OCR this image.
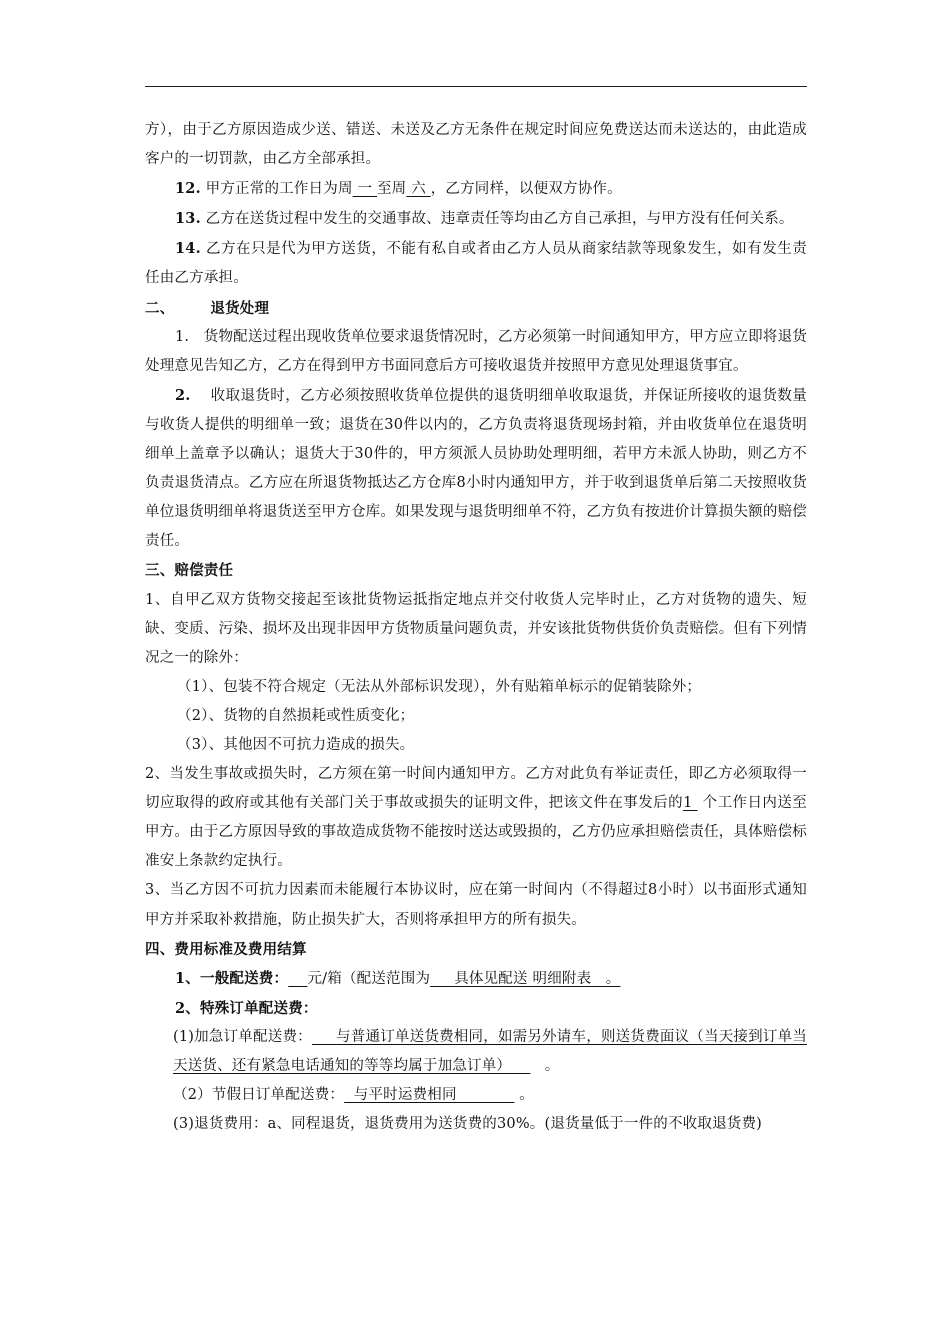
方），由于乙方原因造成少送、错送、未送及乙方无条件在规定时间应免费送达而未送达的，由此造成客户的一切罚款，由乙方全部承担。

12. 甲方正常的工作日为周 一 至周 六 ，乙方同样，以便双方协作。

13. 乙方在送货过程中发生的交通事故、违章责任等均由乙方自己承担，与甲方没有任何关系。

14. 乙方在只是代为甲方送货，不能有私自或者由乙方人员从商家结款等现象发生，如有发生责任由乙方承担。

二、 退货处理

1. 货物配送过程出现收货单位要求退货情况时，乙方必须第一时间通知甲方，甲方应立即将退货处理意见告知乙方，乙方在得到甲方书面同意后方可接收退货并按照甲方意见处理退货事宜。

2. 收取退货时，乙方必须按照收货单位提供的退货明细单收取退货，并保证所接收的退货数量与收货人提供的明细单一致；退货在30件以内的，乙方负责将退货现场封箱，并由收货单位在退货明细单上盖章予以确认；退货大于30件的，甲方须派人员协助处理明细，若甲方未派人协助，则乙方不负责退货清点。乙方应在所退货物抵达乙方仓库8小时内通知甲方，并于收到退货单后第二天按照收货单位退货明细单将退货送至甲方仓库。如果发现与退货明细单不符，乙方负有按进价计算损失额的赔偿责任。

三、赔偿责任

1、自甲乙双方货物交接起至该批货物运抵指定地点并交付收货人完毕时止，乙方对货物的遗失、短缺、变质、污染、损坏及出现非因甲方货物质量问题负责，并安该批货物供货价负责赔偿。但有下列情况之一的除外：

（1）、包装不符合规定（无法从外部标识发现），外有贴箱单标示的促销装除外；

（2）、货物的自然损耗或性质变化；

（3）、其他因不可抗力造成的损失。

2、当发生事故或损失时，乙方须在第一时间内通知甲方。乙方对此负有举证责任，即乙方必须取得一切应取得的政府或其他有关部门关于事故或损失的证明文件，把该文件在事发后的1 个工作日内送至甲方。由于乙方原因导致的事故造成货物不能按时送达或毁损的，乙方仍应承担赔偿责任，具体赔偿标准安上条款约定执行。

3、当乙方因不可抗力因素而未能履行本协议时，应在第一时间内（不得超过8小时）以书面形式通知甲方并采取补救措施，防止损失扩大，否则将承担甲方的所有损失。

四、费用标准及费用结算

1、一般配送费： 元/箱（配送范围为 具体见配送 明细附表 。

2、特殊订单配送费：

(1)加急订单配送费： 与普通订单送货费相同，如需另外请车，则送货费面议（当天接到订单当天送货、还有紧急电话通知的等等均属于加急订单） 。

（2）节假日订单配送费： 与平时运费相同	。

(3)退货费用：a、同程退货，退货费用为送货费的30%。(退货量低于一件的不收取退货费)
